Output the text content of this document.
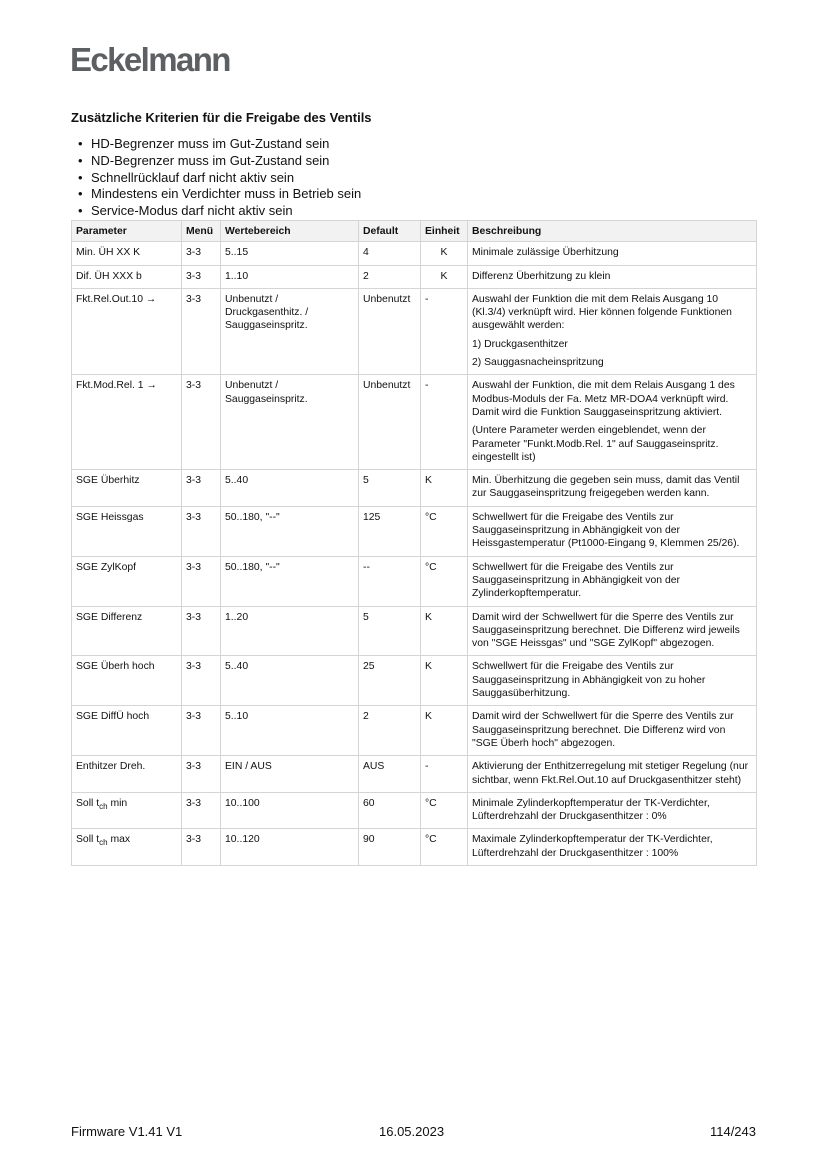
Eckelmann
Zusätzliche Kriterien für die Freigabe des Ventils
• HD-Begrenzer muss im Gut-Zustand sein
• ND-Begrenzer muss im Gut-Zustand sein
• Schnellrücklauf darf nicht aktiv sein
• Mindestens ein Verdichter muss in Betrieb sein
• Service-Modus darf nicht aktiv sein
Parameter	Menü	Wertebereich	Default	Einheit	Beschreibung
Min. ÜH XX K	3-3	5..15	4	K	Minimale zulässige Überhitzung

Dif. ÜH XXX b	3-3	1..10	2	K	Differenz Überhitzung zu klein

Fkt.Rel.Out.10 →	3-3	Unbenutzt / Druckgasenthitz. / Sauggaseinspritz.	Unbenutzt	-	Auswahl der Funktion die mit dem Relais Ausgang 10 (Kl.3/4) verknüpft wird. Hier können folgende Funktionen ausgewählt werden:

1) Druckgasenthitzer

2) Sauggasnacheinspritzung

Fkt.Mod.Rel. 1 →	3-3	Unbenutzt / Sauggaseinspritz.	Unbenutzt	-	Auswahl der Funktion, die mit dem Relais Ausgang 1 des Modbus-Moduls der Fa. Metz MR-DOA4 verknüpft wird. Damit wird die Funktion Sauggaseinspritzung aktiviert.

(Untere Parameter werden eingeblendet, wenn der Parameter "Funkt.Modb.Rel. 1" auf Sauggaseinspritz. eingestellt ist)

SGE Überhitz	3-3	5..40	5	K	Min. Überhitzung die gegeben sein muss, damit das Ventil zur Sauggaseinspritzung freigegeben werden kann.

SGE Heissgas	3-3	50..180, "--"	125	°C	Schwellwert für die Freigabe des Ventils zur Sauggaseinspritzung in Abhängigkeit von der Heissgastemperatur (Pt1000-Eingang 9, Klemmen 25/26).

SGE ZylKopf	3-3	50..180, "--"	--	°C	Schwellwert für die Freigabe des Ventils zur Sauggaseinspritzung in Abhängigkeit von der Zylinderkopftemperatur.

SGE Differenz	3-3	1..20	5	K	Damit wird der Schwellwert für die Sperre des Ventils zur Sauggaseinspritzung berechnet. Die Differenz wird jeweils von "SGE Heissgas" und "SGE ZylKopf" abgezogen.

SGE Überh hoch	3-3	5..40	25	K	Schwellwert für die Freigabe des Ventils zur Sauggaseinspritzung in Abhängigkeit von zu hoher Sauggasüberhitzung.

SGE DiffÜ hoch	3-3	5..10	2	K	Damit wird der Schwellwert für die Sperre des Ventils zur Sauggaseinspritzung berechnet. Die Differenz wird von "SGE Überh hoch" abgezogen.

Enthitzer Dreh.	3-3	EIN / AUS	AUS	-	Aktivierung der Enthitzerregelung mit stetiger Regelung (nur sichtbar, wenn Fkt.Rel.Out.10 auf Druckgasenthitzer steht)

Soll $t_{ch}$ min	3-3	10..100	60	°C	Minimale Zylinderkopftemperatur der TK-Verdichter, Lüfterdrehzahl der Druckgasenthitzer : 0%

Soll $t_{ch}$ max	3-3	10..120	90	°C	Maximale Zylinderkopftemperatur der TK-Verdichter, Lüfterdrehzahl der Druckgasenthitzer : 100%

Firmware V1.41 V1	16.05.2023	114/243
